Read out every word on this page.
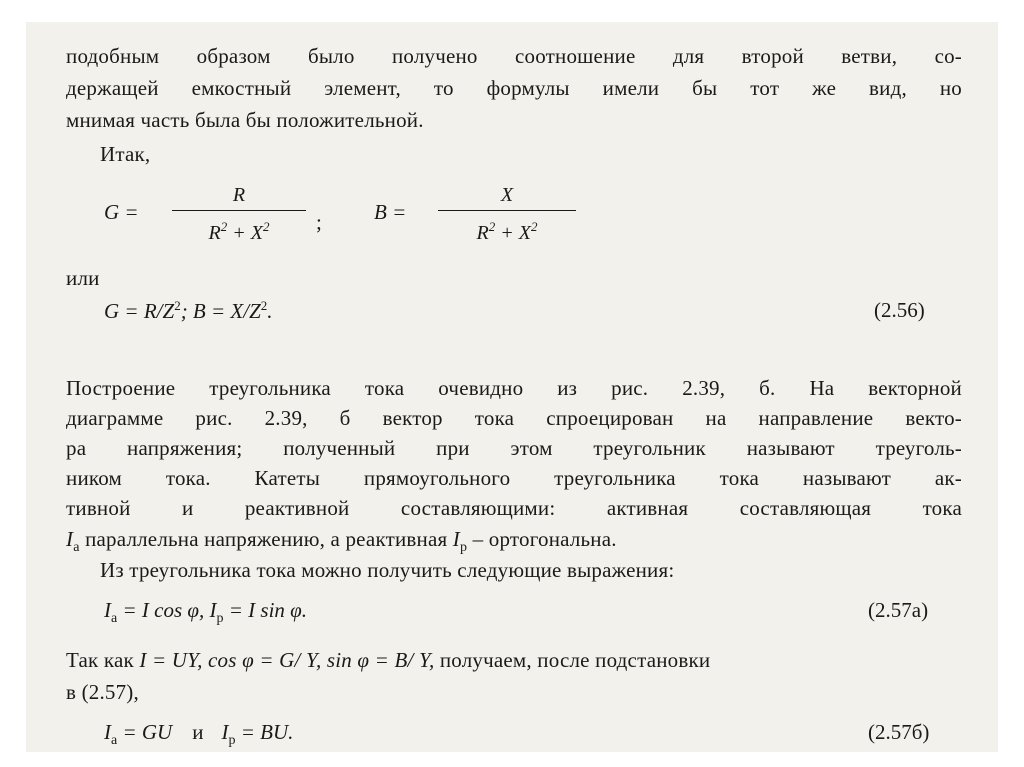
подобным образом было получено соотношение для второй ветви, со-
держащей емкостный элемент, то формулы имели бы тот же вид, но
мнимая часть была бы положительной.
Итак,
G =
R
$R^2 + X^2$	; B =
X
$R^2 + X^2$
или
$G = R/Z^2$; $B = X/Z^2$.	(2.56)
Построение треугольника тока очевидно из рис. 2.39, б. На векторной
диаграмме рис. 2.39, б вектор тока спроецирован на направление векто-
ра напряжения; полученный при этом треугольник называют треуголь-
ником тока. Катеты прямоугольного треугольника тока называют ак-
тивной и реактивной составляющими: активная составляющая тока
$I_а$ параллельна напряжению, а реактивная $I_р$ – ортогональна.
Из треугольника тока можно получить следующие выражения:
$I_а = I$ cos φ, $I_р = I$ sin φ.	(2.57а)
Так как I = UY, cos φ = G/ Y, sin φ = B/ Y, получаем, после подстановки
в (2.57),
$I_а$ = GU и $I_р$ = BU.	(2.57б)
